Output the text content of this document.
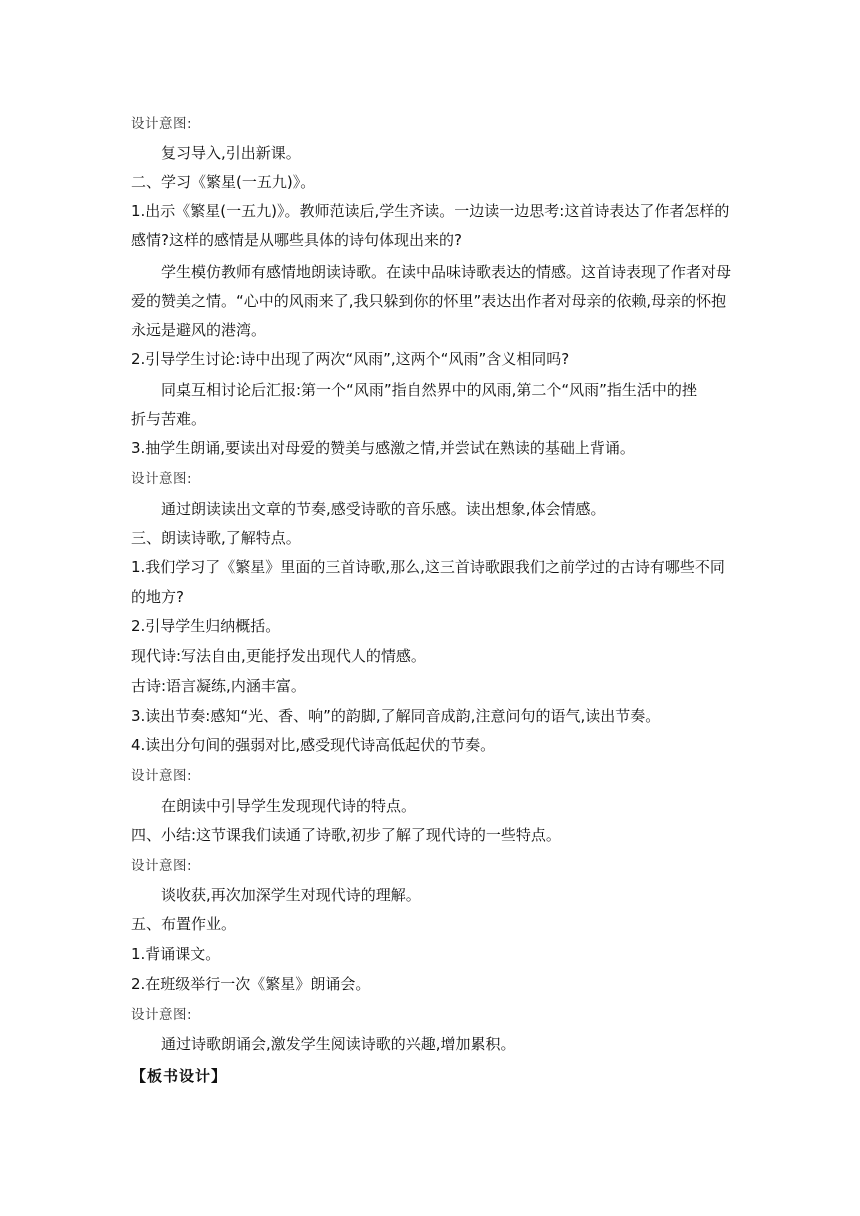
设计意图:
复习导入,引出新课。
二、学习《繁星(一五九)》。
1.出示《繁星(一五九)》。教师范读后,学生齐读。一边读一边思考:这首诗表达了作者怎样的
感情?这样的感情是从哪些具体的诗句体现出来的?
学生模仿教师有感情地朗读诗歌。在读中品味诗歌表达的情感。这首诗表现了作者对母
爱的赞美之情。“心中的风雨来了,我只躲到你的怀里”表达出作者对母亲的依赖,母亲的怀抱
永远是避风的港湾。
2.引导学生讨论:诗中出现了两次“风雨”,这两个“风雨”含义相同吗?
同桌互相讨论后汇报:第一个“风雨”指自然界中的风雨,第二个“风雨”指生活中的挫
折与苦难。
3.抽学生朗诵,要读出对母爱的赞美与感激之情,并尝试在熟读的基础上背诵。
设计意图:
通过朗读读出文章的节奏,感受诗歌的音乐感。读出想象,体会情感。
三、朗读诗歌,了解特点。
1.我们学习了《繁星》里面的三首诗歌,那么,这三首诗歌跟我们之前学过的古诗有哪些不同
的地方?
2.引导学生归纳概括。
现代诗:写法自由,更能抒发出现代人的情感。
古诗:语言凝练,内涵丰富。
3.读出节奏:感知“光、香、响”的韵脚,了解同音成韵,注意问句的语气,读出节奏。
4.读出分句间的强弱对比,感受现代诗高低起伏的节奏。
设计意图:
在朗读中引导学生发现现代诗的特点。
四、小结:这节课我们读通了诗歌,初步了解了现代诗的一些特点。
设计意图:
谈收获,再次加深学生对现代诗的理解。
五、布置作业。
1.背诵课文。
2.在班级举行一次《繁星》朗诵会。
设计意图:
通过诗歌朗诵会,激发学生阅读诗歌的兴趣,增加累积。
【板书设计】
